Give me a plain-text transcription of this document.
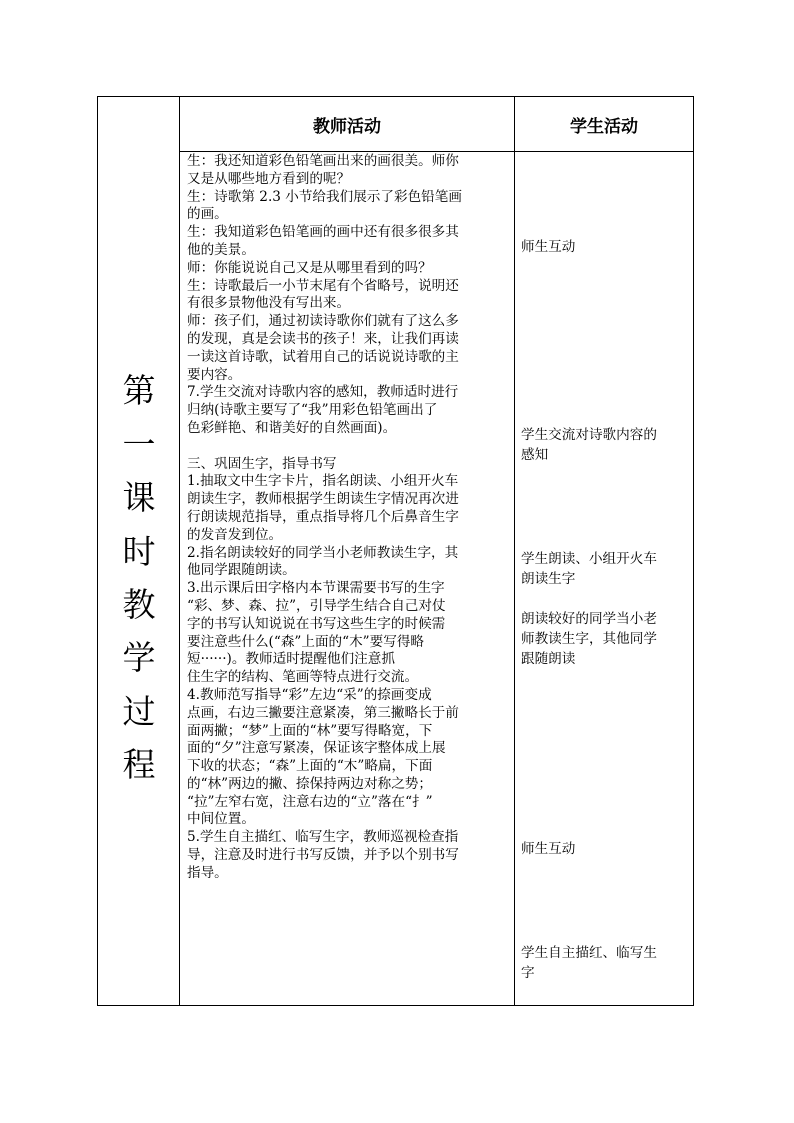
第
一
课
时
教
学
过
程
教师活动	学生活动

生：我还知道彩色铅笔画出来的画很美。师你

又是从哪些地方看到的呢？

生：诗歌第 2.3 小节给我们展示了彩色铅笔画

的画。

生：我知道彩色铅笔画的画中还有很多很多其

他的美景。

师：你能说说自己又是从哪里看到的吗？

生：诗歌最后一小节末尾有个省略号，说明还

有很多景物他没有写出来。

师：孩子们，通过初读诗歌你们就有了这么多

的发现，真是会读书的孩子！来，让我们再读

一读这首诗歌，试着用自己的话说说诗歌的主

要内容。

7.学生交流对诗歌内容的感知，教师适时进行

归纳(诗歌主要写了“我”用彩色铅笔画出了

色彩鲜艳、和谐美好的自然画面)。

三、巩固生字，指导书写

1.抽取文中生字卡片，指名朗读、小组开火车

朗读生字，教师根据学生朗读生字情况再次进

行朗读规范指导，重点指导将几个后鼻音生字

的发音发到位。

2.指名朗读较好的同学当小老师教读生字，其

他同学跟随朗读。

3.出示课后田字格内本节课需要书写的生字

“彩、梦、森、拉”，引导学生结合自己对仗

字的书写认知说说在书写这些生字的时候需

要注意些什么(“森”上面的“木”要写得略

短······)。教师适时提醒他们注意抓

住生字的结构、笔画等特点进行交流。

4.教师范写指导“彩”左边“采”的捺画变成

点画，右边三撇要注意紧凑，第三撇略长于前

面两撇；“梦”上面的“林”要写得略宽，下

面的“夕”注意写紧凑，保证该字整体成上展

下收的状态；“森”上面的“木”略扁，下面

的“林”两边的撇、捺保持两边对称之势；

“拉”左窄右宽，注意右边的“立”落在“扌”

中间位置。

5.学生自主描红、临写生字，教师巡视检查指

导，注意及时进行书写反馈，并予以个别书写

指导。

师生互动

学生交流对诗歌内容的

感知

学生朗读、小组开火车

朗读生字

朗读较好的同学当小老

师教读生字，其他同学

跟随朗读

师生互动

学生自主描红、临写生

字
